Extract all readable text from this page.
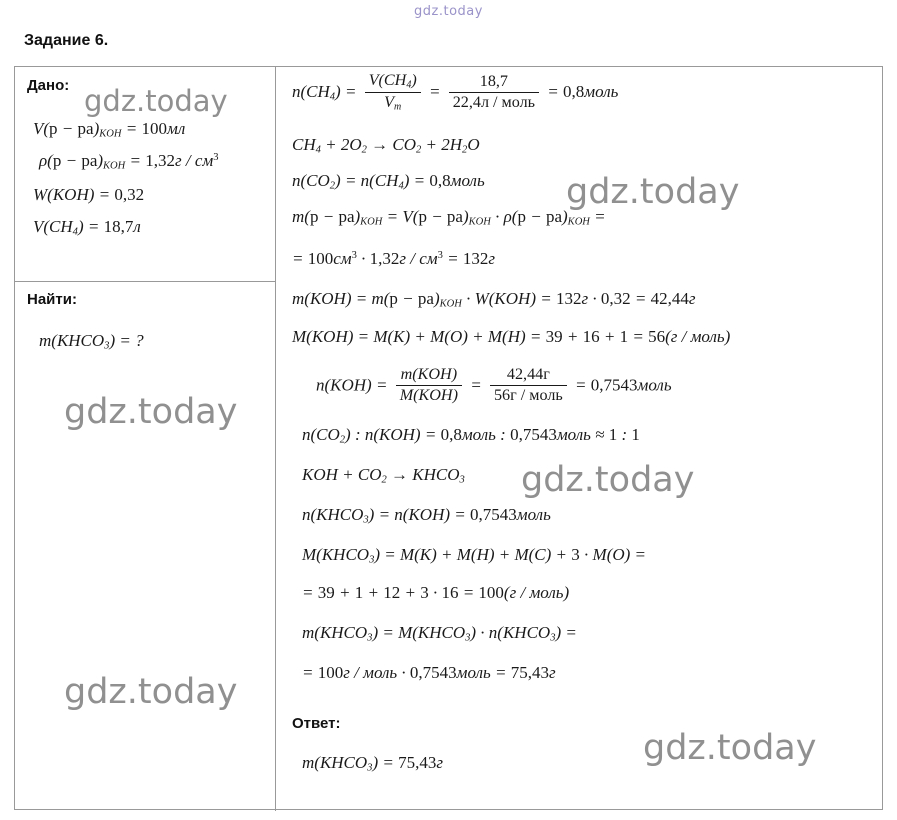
gdz.today
Задание 6.
Дано:
$V(p - pa)_{KOH} = 100мл$
$\rho(p - pa)_{KOH} = 1,32г / см^3$
W(KOH) = 0,32
$V(CH_4) = 18,7л$
Найти:
$m(KHCO_3)$ = ?
$n(CH_4) = \frac{V(CH_4)}{V_m} = \frac{18,7}{\text{22,4л / моль}}$ = 0,8моль
$CH_4 + 2O_2 \to CO_2 + 2H_2O$
$n(CO_2) = n(CH_4)$ = 0,8моль
$m(p - pa)_{KOH} = V(p - pa)_{KOH} \cdot \rho(p - pa)_{KOH}$ =
= $100см^3 \cdot 1,32г / см^3 = 132г$
$m(KOH) = m(p - pa)_{KOH} \cdot W(KOH) = 132г \cdot 0,32 = 42,44г$
M(KOH) = M(K) + M(O) + M(H) = 39 + 16 + 1 = 56(г / моль)
$n(KOH) = \frac{\text{m(KOH)}}{\text{M(KOH)}} = \frac{42,44г}{\text{56г / моль}}$ = 0,7543моль
$n(CO_2)$ : n(KOH) = 0,8моль : 0,7543моль ≈ 1 : 1
KOH + $CO_2$ → $KHCO_3$
$n(KHCO_3) = n(KOH)$ = 0,7543моль
$M(KHCO_3) = M(K) + M(H) + M(C) + 3 \cdot M(O)$ =
= 39 + 1 + 12 + 3 · 16 = 100(г / моль)
$m(KHCO_3)$ = $M(KHCO_3)$ · $n(KHCO_3)$ =
= 100г / моль · 0,7543моль = 75,43г
Ответ:
$m(KHCO_3) = 75,43г$
gdz.today
gdz.today
gdz.today
gdz.today
gdz.today
gdz.today
